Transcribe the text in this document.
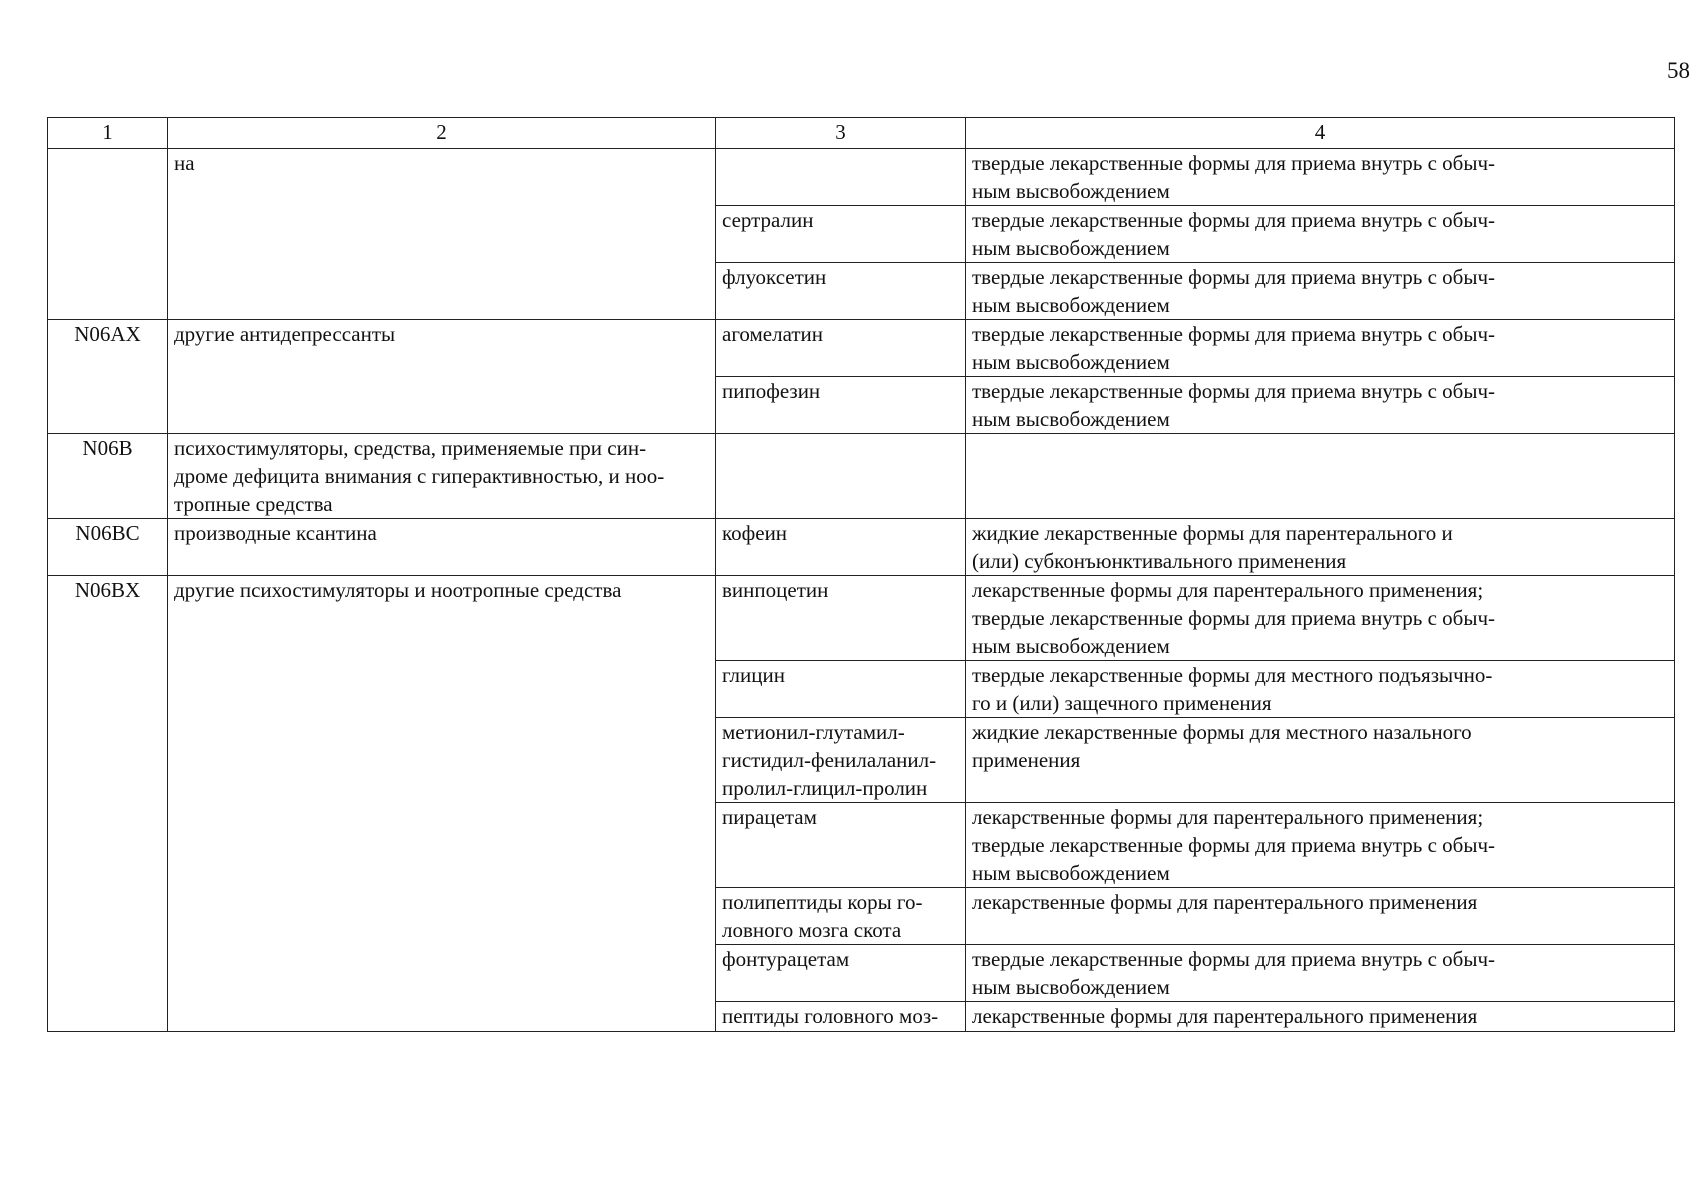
58
1	2	3	4
	на		твердые лекарственные формы для приема внутрь с обыч-
ным высвобождением
		сертралин	твердые лекарственные формы для приема внутрь с обыч-
ным высвобождением
		флуоксетин	твердые лекарственные формы для приема внутрь с обыч-
ным высвобождением
N06AX	другие антидепрессанты	агомелатин	твердые лекарственные формы для приема внутрь с обыч-
ным высвобождением
		пипофезин	твердые лекарственные формы для приема внутрь с обыч-
ным высвобождением
N06B	психостимуляторы, средства, применяемые при син-
дроме дефицита внимания с гиперактивностью, и ноо-
тропные средства		
N06BC	производные ксантина	кофеин	жидкие лекарственные формы для парентерального и
(или) субконъюнктивального применения
N06BX	другие психостимуляторы и ноотропные средства	винпоцетин	лекарственные формы для парентерального применения;
твердые лекарственные формы для приема внутрь с обыч-
ным высвобождением
		глицин	твердые лекарственные формы для местного подъязычно-
го и (или) защечного применения
		метионил-глутамил-
гистидил-фенилаланил-
пролил-глицил-пролин	жидкие лекарственные формы для местного назального
применения
		пирацетам	лекарственные формы для парентерального применения;
твердые лекарственные формы для приема внутрь с обыч-
ным высвобождением
		полипептиды коры го-
ловного мозга скота	лекарственные формы для парентерального применения
		фонтурацетам	твердые лекарственные формы для приема внутрь с обыч-
ным высвобождением
		пептиды головного моз-	лекарственные формы для парентерального применения
